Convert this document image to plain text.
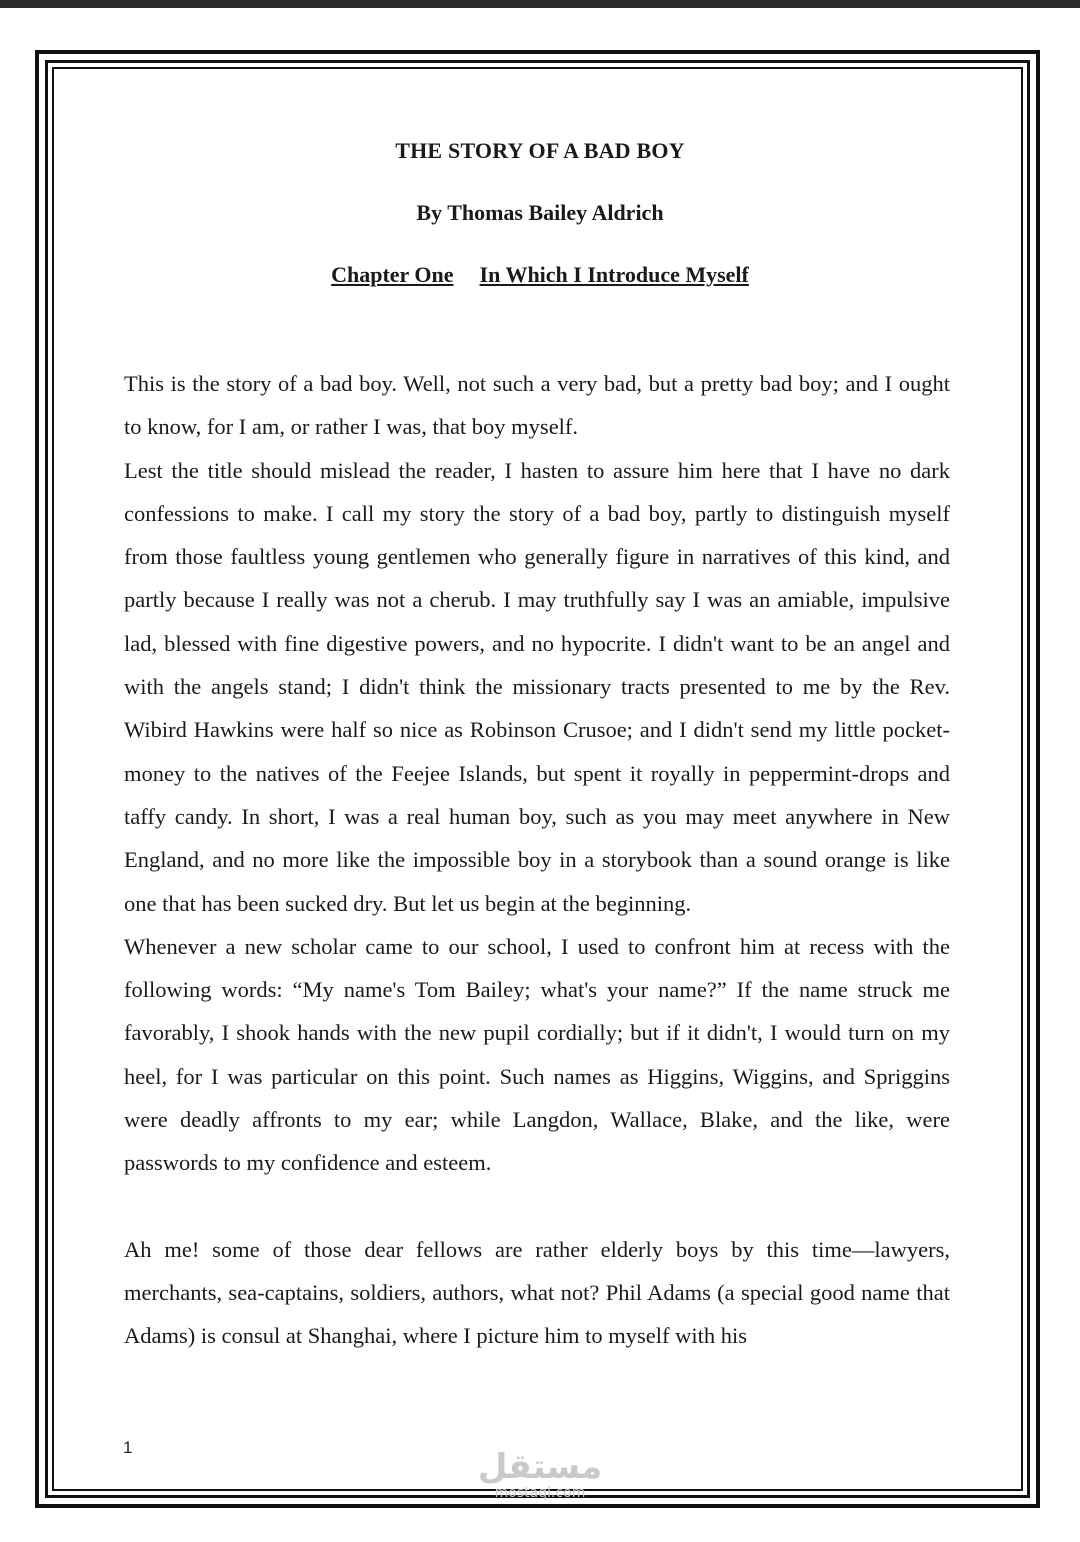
THE STORY OF A BAD BOY
By Thomas Bailey Aldrich
Chapter One In Which I Introduce Myself

This is the story of a bad boy. Well, not such a very bad, but a pretty bad boy; and I ought to know, for I am, or rather I was, that boy myself.

Lest the title should mislead the reader, I hasten to assure him here that I have no dark confessions to make. I call my story the story of a bad boy, partly to distinguish myself from those faultless young gentlemen who generally figure in narratives of this kind, and partly because I really was not a cherub. I may truthfully say I was an amiable, impulsive lad, blessed with fine digestive powers, and no hypocrite. I didn't want to be an angel and with the angels stand; I didn't think the missionary tracts presented to me by the Rev. Wibird Hawkins were half so nice as Robinson Crusoe; and I didn't send my little pocket-money to the natives of the Feejee Islands, but spent it royally in peppermint-drops and taffy candy. In short, I was a real human boy, such as you may meet anywhere in New England, and no more like the impossible boy in a storybook than a sound orange is like one that has been sucked dry. But let us begin at the beginning.

Whenever a new scholar came to our school, I used to confront him at recess with the following words: “My name's Tom Bailey; what's your name?” If the name struck me favorably, I shook hands with the new pupil cordially; but if it didn't, I would turn on my heel, for I was particular on this point. Such names as Higgins, Wiggins, and Spriggins were deadly affronts to my ear; while Langdon, Wallace, Blake, and the like, were passwords to my confidence and esteem.

Ah me! some of those dear fellows are rather elderly boys by this time—lawyers, merchants, sea-captains, soldiers, authors, what not? Phil Adams (a special good name that Adams) is consul at Shanghai, where I picture him to myself with his

1	مستقل
mostaql.com
